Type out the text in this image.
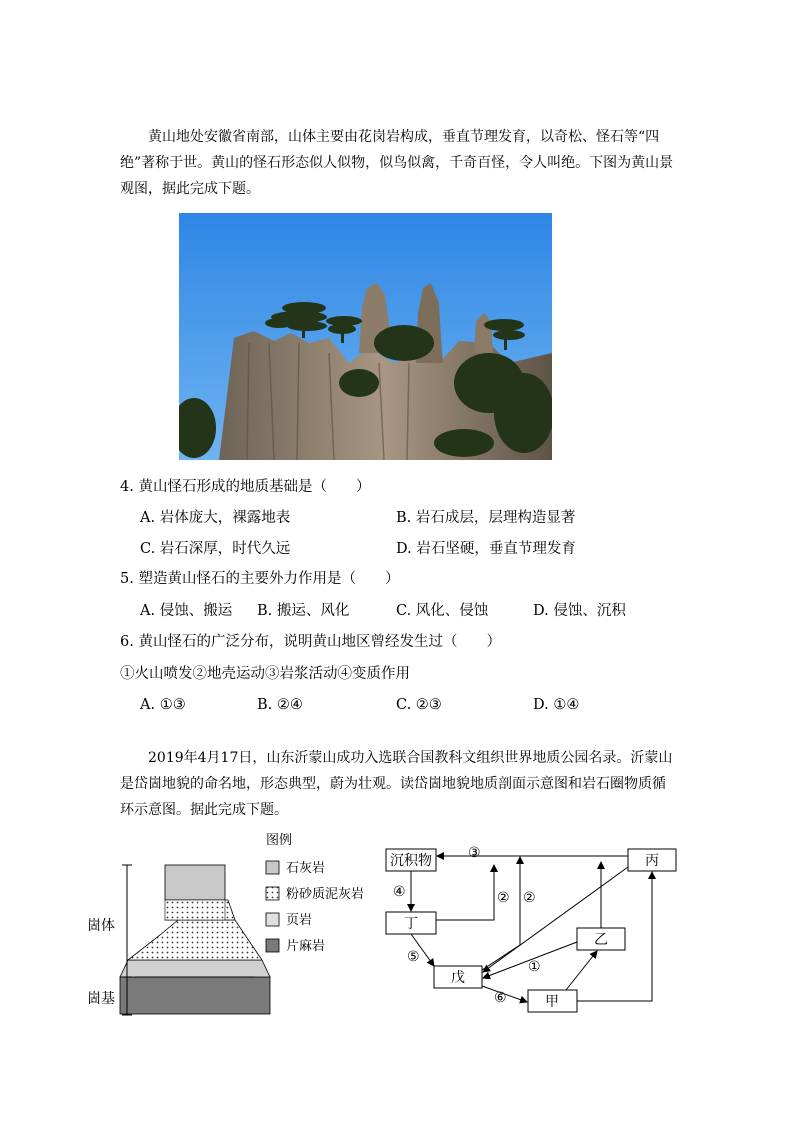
黄山地处安徽省南部，山体主要由花岗岩构成，垂直节理发育，以奇松、怪石等“四绝”著称于世。黄山的怪石形态似人似物，似鸟似禽，千奇百怪，令人叫绝。下图为黄山景观图，据此完成下题。

4. 黄山怪石形成的地质基础是（　　）
A. 岩体庞大，裸露地表	B. 岩石成层，层理构造显著
C. 岩石深厚，时代久远	D. 岩石坚硬，垂直节理发育
5. 塑造黄山怪石的主要外力作用是（　　）
A. 侵蚀、搬运 B. 搬运、风化	C. 风化、侵蚀	D. 侵蚀、沉积
6. 黄山怪石的广泛分布，说明黄山地区曾经发生过（　　）
①火山喷发②地壳运动③岩浆活动④变质作用
A. ①③	B. ②④	C. ②③	D. ①④

2019年4月17日，山东沂蒙山成功入选联合国教科文组织世界地质公园名录。沂蒙山是岱崮地貌的命名地，形态典型，蔚为壮观。读岱崮地貌地质剖面示意图和岩石圈物质循环示意图。据此完成下题。

崮体
崮基
图例
石灰岩
粉砂质泥灰岩
页岩
片麻岩
沉积物	丙
丁
乙
戊
甲
③
④	② ②
⑤
①
⑥
